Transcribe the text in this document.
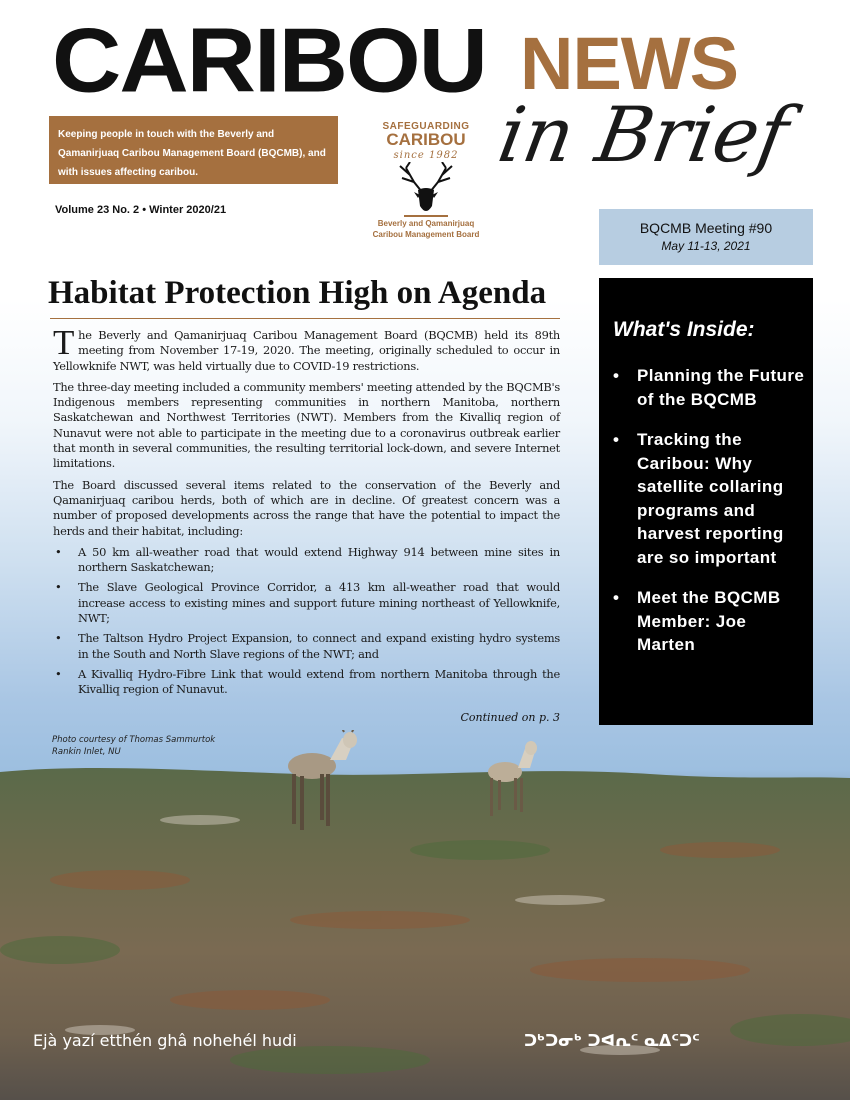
CARIBOU NEWS
in Brief
Keeping people in touch with the Beverly and Qamanirjuaq Caribou Management Board (BQCMB), and with issues affecting caribou.
Volume 23 No. 2 • Winter 2020/21
SAFEGUARDING
CARIBOU
since 1982
Beverly and Qamanirjuaq
Caribou Management Board	BQCMB Meeting #90
May 11-13, 2021
Photo courtesy of Thomas Sammurtok
Rankin Inlet, NU
Habitat Protection High on Agenda

The Beverly and Qamanirjuaq Caribou Management Board (BQCMB) held its 89th meeting from November 17-19, 2020. The meeting, originally scheduled to occur in Yellowknife NWT, was held virtually due to COVID-19 restrictions.

The three-day meeting included a community members' meeting attended by the BQCMB's Indigenous members representing communities in northern Manitoba, northern Saskatchewan and Northwest Territories (NWT). Members from the Kivalliq region of Nunavut were not able to participate in the meeting due to a coronavirus outbreak earlier that month in several communities, the resulting territorial lock-down, and severe Internet limitations.

The Board discussed several items related to the conservation of the Beverly and Qamanirjuaq caribou herds, both of which are in decline. Of greatest concern was a number of proposed developments across the range that have the potential to impact the herds and their habitat, including:

• A 50 km all-weather road that would extend Highway 914 between mine sites in northern Saskatchewan;
• The Slave Geological Province Corridor, a 413 km all-weather road that would increase access to existing mines and support future mining northeast of Yellowknife, NWT;
• The Taltson Hydro Project Expansion, to connect and expand existing hydro systems in the South and North Slave regions of the NWT; and
• A Kivalliq Hydro-Fibre Link that would extend from northern Manitoba through the Kivalliq region of Nunavut.
Continued on p. 3
What's Inside:
• Planning the Future of the BQCMB
• Tracking the Caribou: Why satellite collaring programs and harvest reporting are so important
• Meet the BQCMB Member: Joe Marten
Ejà yazí etthén ghâ nohehél hudi	ᑐᒃᑐᓂᒃ ᑐᐊᕆᑦ ᓇᐃᑦᑐᑦ
